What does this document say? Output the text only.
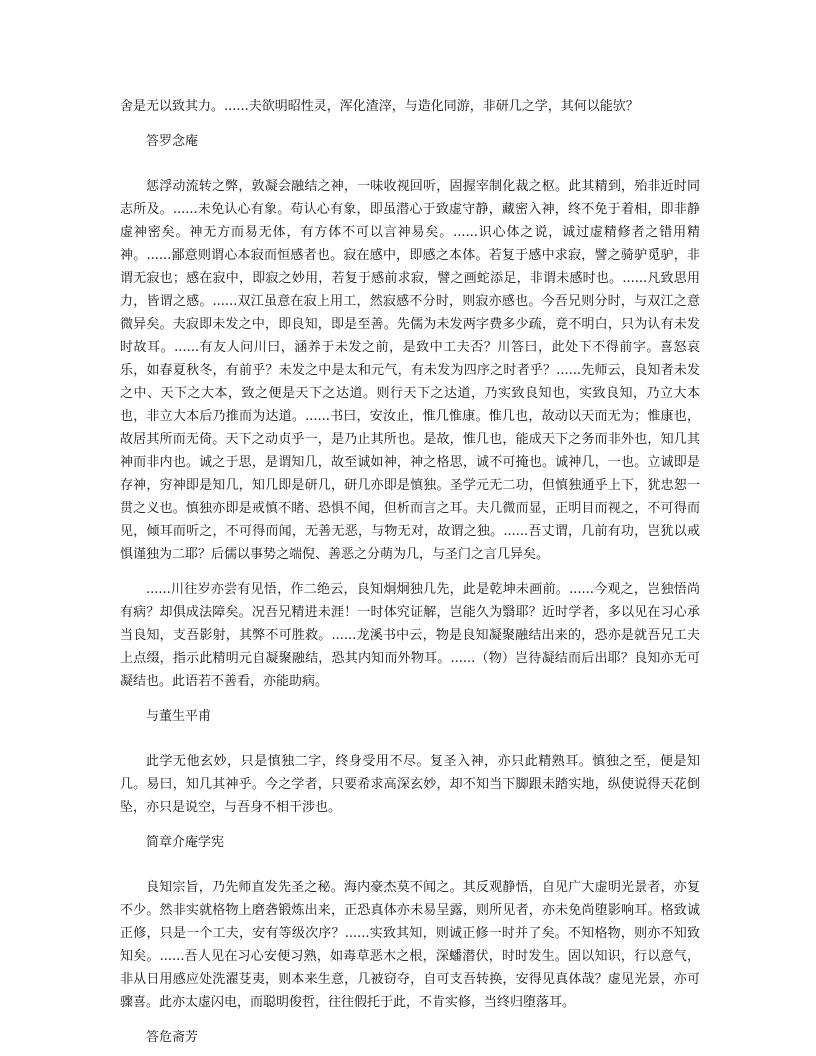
舍是无以致其力。......夫欲明昭性灵，浑化渣滓，与造化同游，非研几之学，其何以能欤？

答罗念庵

惩浮动流转之弊，敦凝会融结之神，一味收视回听，固握宰制化裁之枢。此其精到，殆非近时同志所及。......未免认心有象。苟认心有象，即虽潜心于致虚守静，藏密入神，终不免于着相，即非静虚神密矣。神无方而易无体，有方体不可以言神易矣。......识心体之说，诚过虚精修者之错用精神。......鄙意则谓心本寂而恒感者也。寂在感中，即感之本体。若复于感中求寂，譬之骑驴觅驴，非谓无寂也；感在寂中，即寂之妙用，若复于感前求寂，譬之画蛇添足，非谓未感时也。......凡致思用力，皆谓之感。......双江虽意在寂上用工，然寂感不分时，则寂亦感也。今吾兄则分时，与双江之意微异矣。夫寂即未发之中，即良知，即是至善。先儒为未发两字费多少疏，竟不明白，只为认有未发时故耳。......有友人问川曰，涵养于未发之前，是致中工夫否？川答曰，此处下不得前字。喜怒哀乐，如春夏秋冬，有前乎？未发之中是太和元气，有未发为四序之时者乎？......先师云，良知者未发之中、天下之大本，致之便是天下之达道。则行天下之达道，乃实致良知也，实致良知，乃立大本也，非立大本后乃推而为达道。......书曰，安汝止，惟几惟康。惟几也，故动以天而无为；惟康也，故居其所而无倚。天下之动贞乎一，是乃止其所也。是故，惟几也，能成天下之务而非外也，知几其神而非内也。诚之于思，是谓知几，故至诚如神，神之格思，诚不可掩也。诚神几，一也。立诚即是存神，穷神即是知几，知几即是研几，研几亦即是慎独。圣学元无二功，但慎独通乎上下，犹忠恕一贯之义也。慎独亦即是戒慎不睹、恐惧不闻，但析而言之耳。夫几微而显，正明目而视之，不可得而见，倾耳而听之，不可得而闻，无善无恶，与物无对，故谓之独。......吾丈谓，几前有功，岂犹以戒惧谨独为二耶？后儒以事势之端倪、善恶之分萌为几，与圣门之言几异矣。

......川往岁亦尝有见悟，作二绝云，良知炯炯独几先，此是乾坤未画前。......今观之，岂独悟尚有病？却俱成法障矣。况吾兄精进未涯！一时体究证解，岂能久为翳耶？近时学者，多以见在习心承当良知，支吾影射，其弊不可胜救。......龙溪书中云，物是良知凝聚融结出来的，恐亦是就吾兄工夫上点缀，指示此精明元自凝聚融结，恐其内知而外物耳。......（物）岂待凝结而后出耶？良知亦无可凝结也。此语若不善看，亦能助病。

与董生平甫

此学无他玄妙，只是慎独二字，终身受用不尽。复圣入神，亦只此精熟耳。慎独之至，便是知几。易曰，知几其神乎。今之学者，只要希求高深玄妙，却不知当下脚跟未踏实地，纵使说得天花倒坠，亦只是说空，与吾身不相干涉也。

简章介庵学宪

良知宗旨，乃先师直发先圣之秘。海内豪杰莫不闻之。其反观静悟，自见广大虚明光景者，亦复不少。然非实就格物上磨砻锻炼出来，正恐真体亦未易呈露，则所见者，亦未免尚堕影响耳。格致诚正修，只是一个工夫，安有等级次序？......实致其知，则诚正修一时并了矣。不知格物，则亦不知致知矣。......吾人见在习心安便习熟，如毒草恶木之根，深蟠潜伏，时时发生。固以知识，行以意气，非从日用感应处洗濯芟夷，则本来生意，几被窃夺，自可支吾转换，安得见真体哉？虚见光景，亦可骤喜。此亦太虚闪电，而聪明俊哲，往往假托于此，不肯实修，当终归堕落耳。

答危斋芳
